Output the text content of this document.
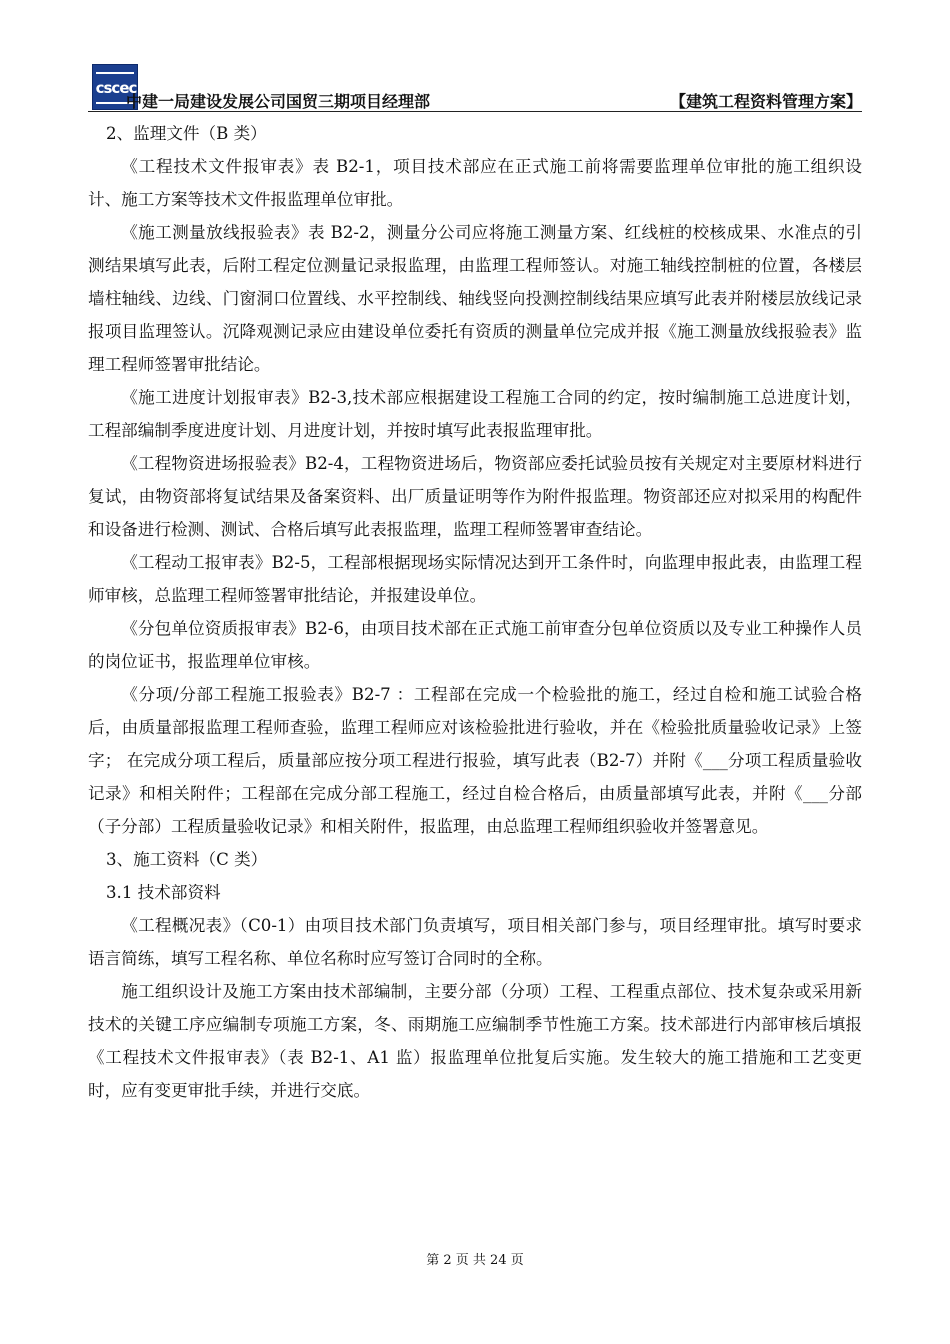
cscec
中建一局建设发展公司国贸三期项目经理部	【建筑工程资料管理方案】

2、监理文件（B 类）

《工程技术文件报审表》表 B2-1，项目技术部应在正式施工前将需要监理单位审批的施工组织设计、施工方案等技术文件报监理单位审批。

《施工测量放线报验表》表 B2-2，测量分公司应将施工测量方案、红线桩的校核成果、水准点的引测结果填写此表，后附工程定位测量记录报监理，由监理工程师签认。对施工轴线控制桩的位置，各楼层墙柱轴线、边线、门窗洞口位置线、水平控制线、轴线竖向投测控制线结果应填写此表并附楼层放线记录报项目监理签认。沉降观测记录应由建设单位委托有资质的测量单位完成并报《施工测量放线报验表》监理工程师签署审批结论。

《施工进度计划报审表》B2-3,技术部应根据建设工程施工合同的约定，按时编制施工总进度计划，工程部编制季度进度计划、月进度计划，并按时填写此表报监理审批。

《工程物资进场报验表》B2-4，工程物资进场后，物资部应委托试验员按有关规定对主要原材料进行复试，由物资部将复试结果及备案资料、出厂质量证明等作为附件报监理。物资部还应对拟采用的构配件和设备进行检测、测试、合格后填写此表报监理，监理工程师签署审查结论。

《工程动工报审表》B2-5，工程部根据现场实际情况达到开工条件时，向监理申报此表，由监理工程师审核，总监理工程师签署审批结论，并报建设单位。

《分包单位资质报审表》B2-6，由项目技术部在正式施工前审查分包单位资质以及专业工种操作人员的岗位证书，报监理单位审核。

《分项/分部工程施工报验表》B2-7 ：工程部在完成一个检验批的施工，经过自检和施工试验合格后，由质量部报监理工程师查验，监理工程师应对该检验批进行验收，并在《检验批质量验收记录》上签字； 在完成分项工程后，质量部应按分项工程进行报验，填写此表（B2-7）并附《___分项工程质量验收记录》和相关附件；工程部在完成分部工程施工，经过自检合格后，由质量部填写此表，并附《___分部（子分部）工程质量验收记录》和相关附件，报监理，由总监理工程师组织验收并签署意见。

3、施工资料（C 类）

3.1 技术部资料

《工程概况表》（C0-1）由项目技术部门负责填写，项目相关部门参与，项目经理审批。填写时要求语言简练，填写工程名称、单位名称时应写签订合同时的全称。

施工组织设计及施工方案由技术部编制，主要分部（分项）工程、工程重点部位、技术复杂或采用新技术的关键工序应编制专项施工方案，冬、雨期施工应编制季节性施工方案。技术部进行内部审核后填报《工程技术文件报审表》（表 B2-1、A1 监）报监理单位批复后实施。发生较大的施工措施和工艺变更时，应有变更审批手续，并进行交底。

第 2 页 共 24 页
